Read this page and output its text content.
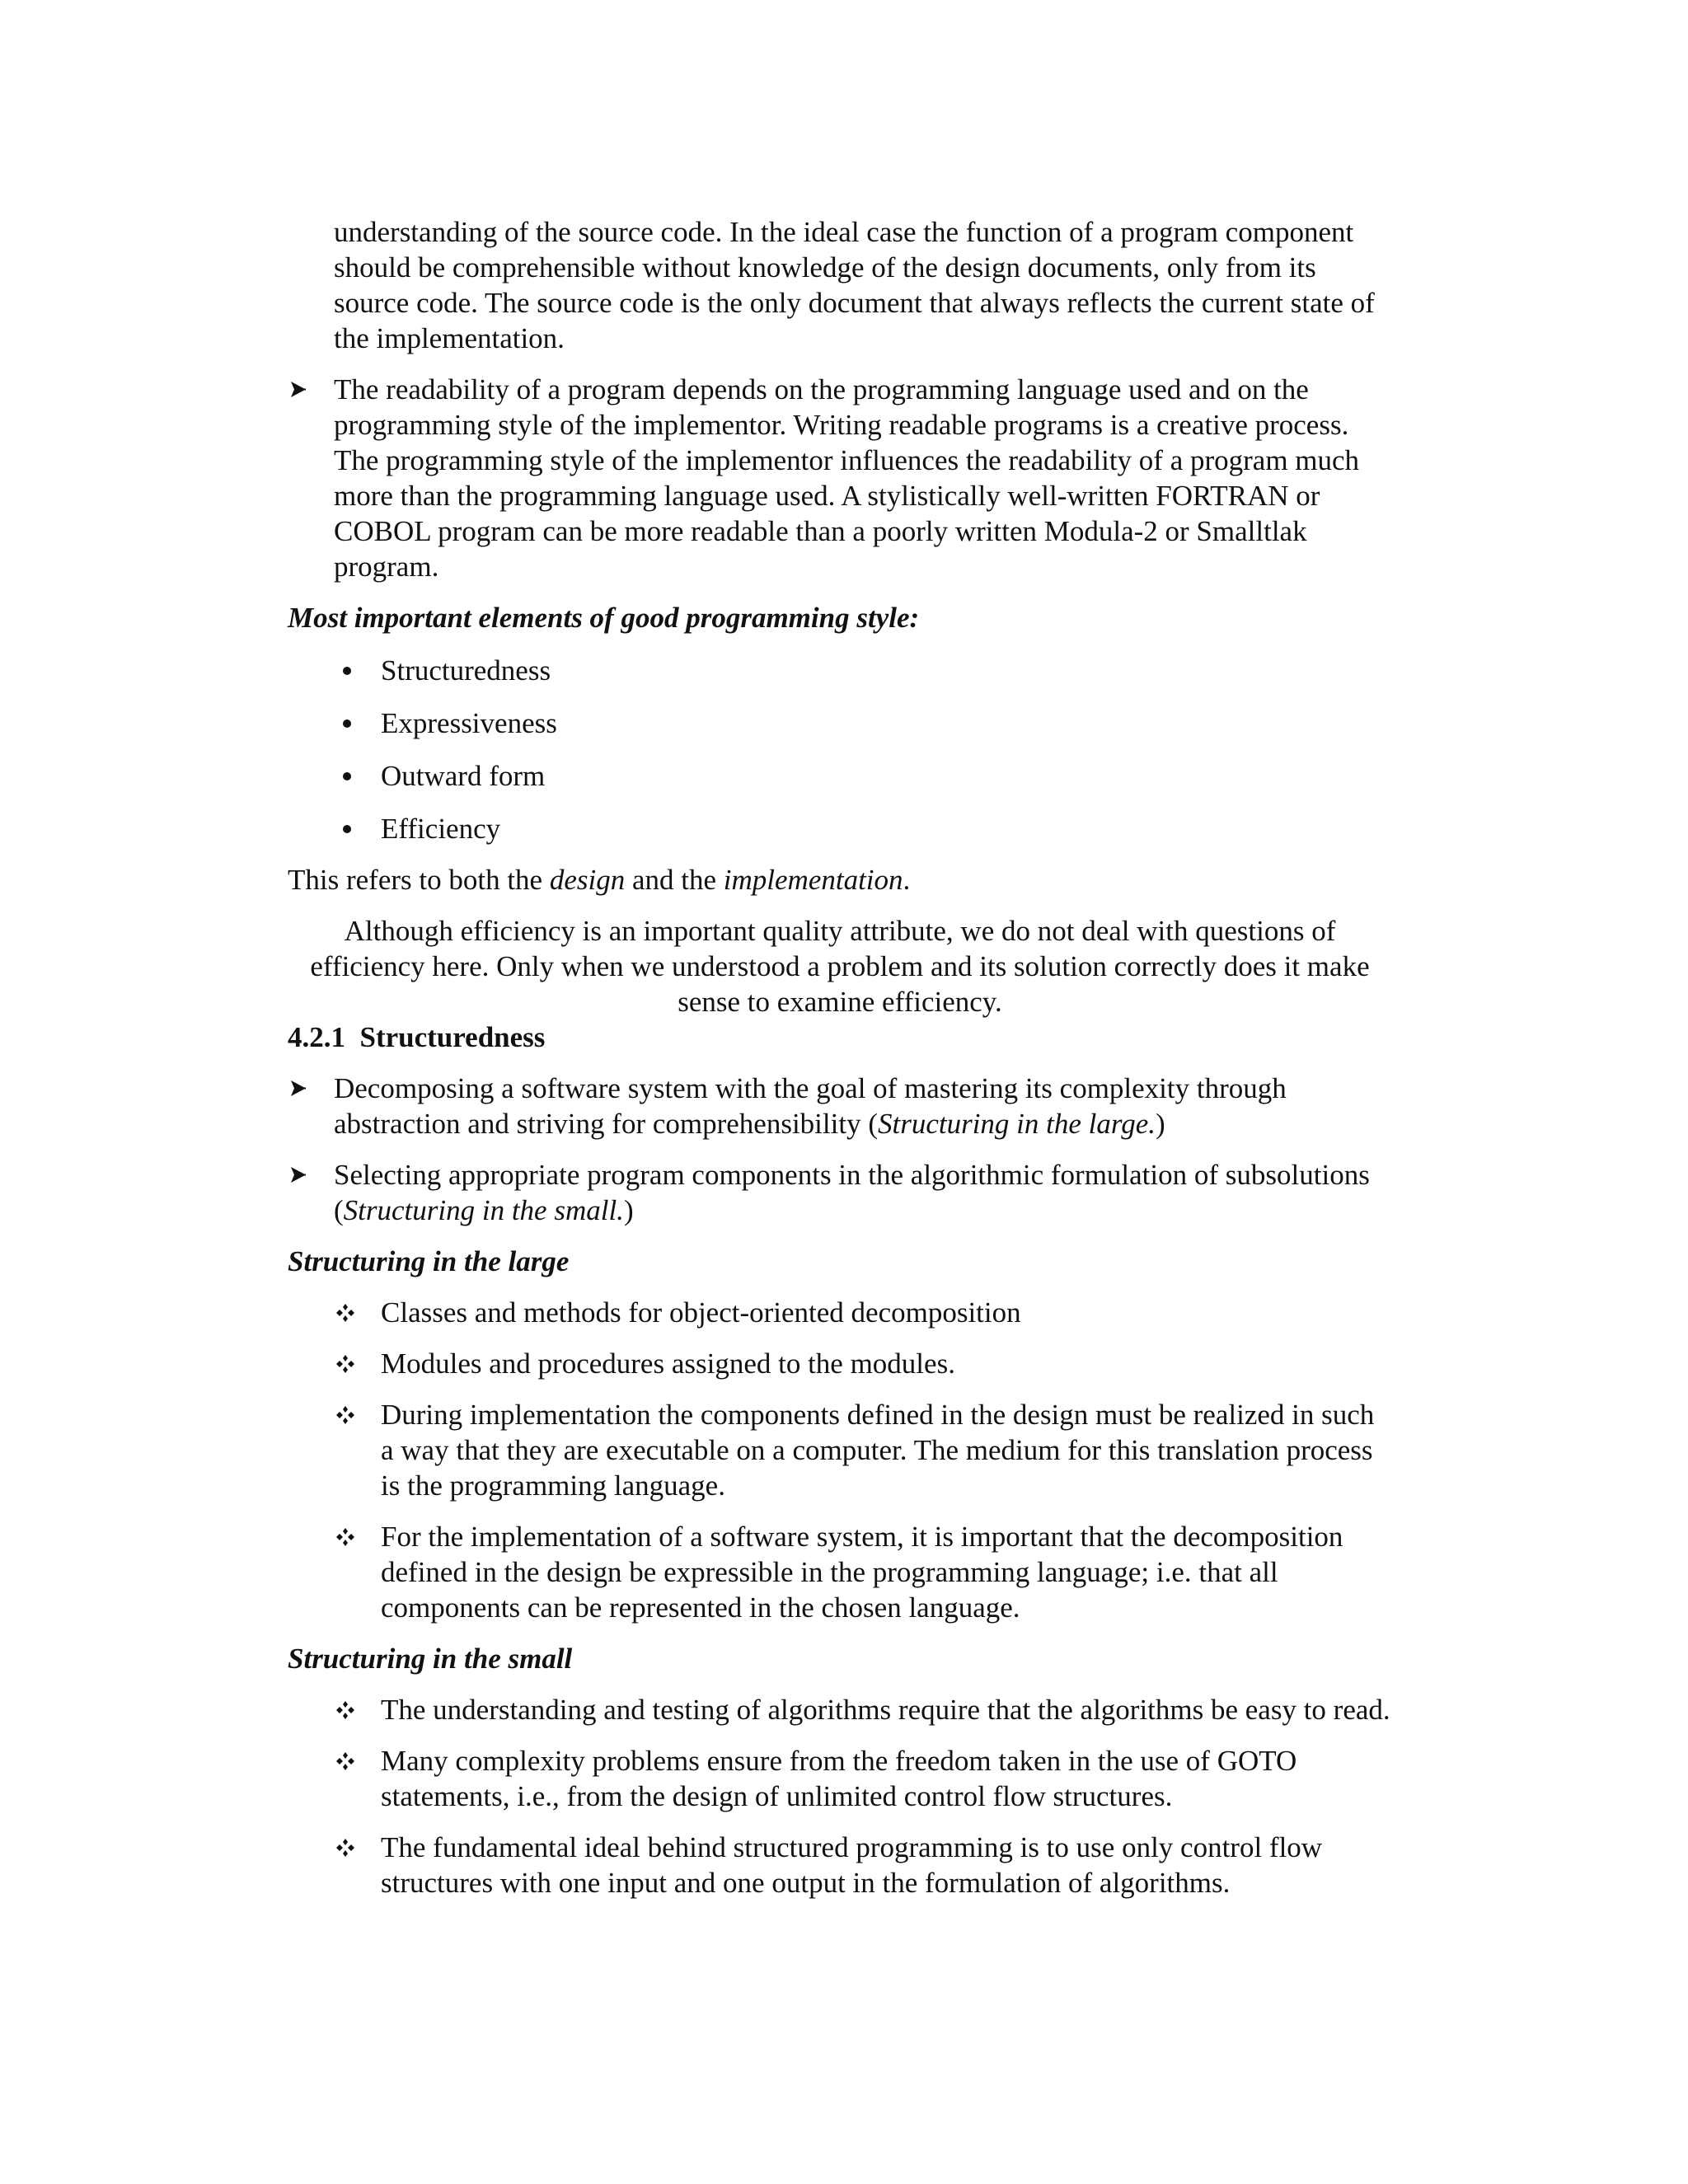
understanding of the source code. In the ideal case the function of a program component should be comprehensible without knowledge of the design documents, only from its source code. The source code is the only document that always reflects the current state of the implementation.

The readability of a program depends on the programming language used and on the programming style of the implementor. Writing readable programs is a creative process. The programming style of the implementor influences the readability of a program much more than the programming language used. A stylistically well-written FORTRAN or COBOL program can be more readable than a poorly written Modula-2 or Smalltlak program.

Most important elements of good programming style:

Structuredness
Expressiveness
Outward form
Efficiency

This refers to both the design and the implementation.

Although efficiency is an important quality attribute, we do not deal with questions of efficiency here. Only when we understood a problem and its solution correctly does it make sense to examine efficiency.

4.2.1 Structuredness

Decomposing a software system with the goal of mastering its complexity through abstraction and striving for comprehensibility (Structuring in the large.)
Selecting appropriate program components in the algorithmic formulation of subsolutions (Structuring in the small.)

Structuring in the large

Classes and methods for object-oriented decomposition
Modules and procedures assigned to the modules.
During implementation the components defined in the design must be realized in such a way that they are executable on a computer. The medium for this translation process is the programming language.
For the implementation of a software system, it is important that the decomposition defined in the design be expressible in the programming language; i.e. that all components can be represented in the chosen language.

Structuring in the small

The understanding and testing of algorithms require that the algorithms be easy to read.
Many complexity problems ensure from the freedom taken in the use of GOTO statements, i.e., from the design of unlimited control flow structures.
The fundamental ideal behind structured programming is to use only control flow structures with one input and one output in the formulation of algorithms.
